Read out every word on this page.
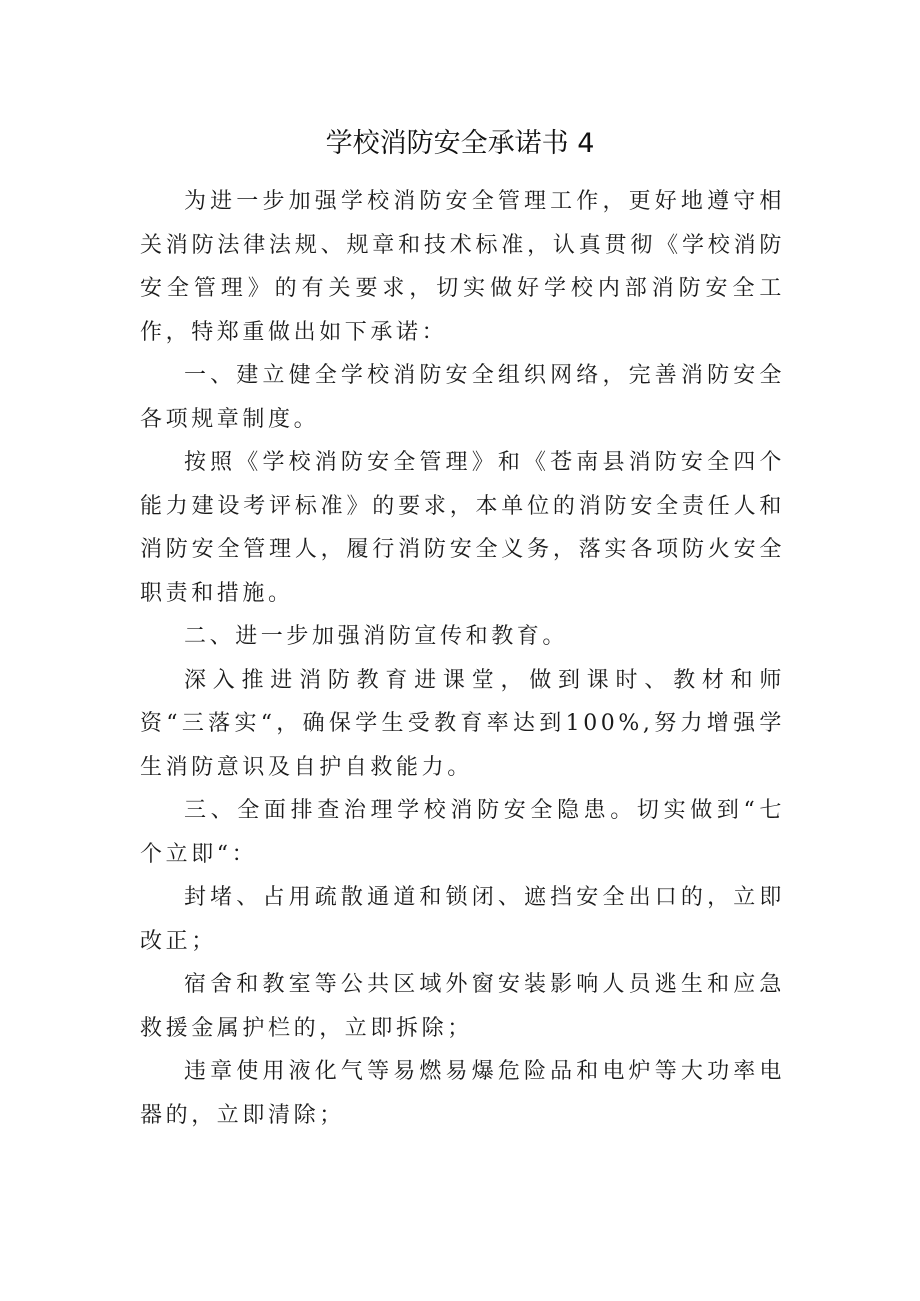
学校消防安全承诺书 4

为进一步加强学校消防安全管理工作，更好地遵守相关消防法律法规、规章和技术标准，认真贯彻《学校消防安全管理》的有关要求，切实做好学校内部消防安全工作，特郑重做出如下承诺：

一、建立健全学校消防安全组织网络，完善消防安全各项规章制度。

按照《学校消防安全管理》和《苍南县消防安全四个能力建设考评标准》的要求，本单位的消防安全责任人和消防安全管理人，履行消防安全义务，落实各项防火安全职责和措施。

二、进一步加强消防宣传和教育。

深入推进消防教育进课堂，做到课时、教材和师资“三落实“，确保学生受教育率达到100%,努力增强学生消防意识及自护自救能力。

三、全面排查治理学校消防安全隐患。切实做到“七个立即“：

封堵、占用疏散通道和锁闭、遮挡安全出口的，立即改正；

宿舍和教室等公共区域外窗安装影响人员逃生和应急救援金属护栏的，立即拆除；

违章使用液化气等易燃易爆危险品和电炉等大功率电器的，立即清除；
